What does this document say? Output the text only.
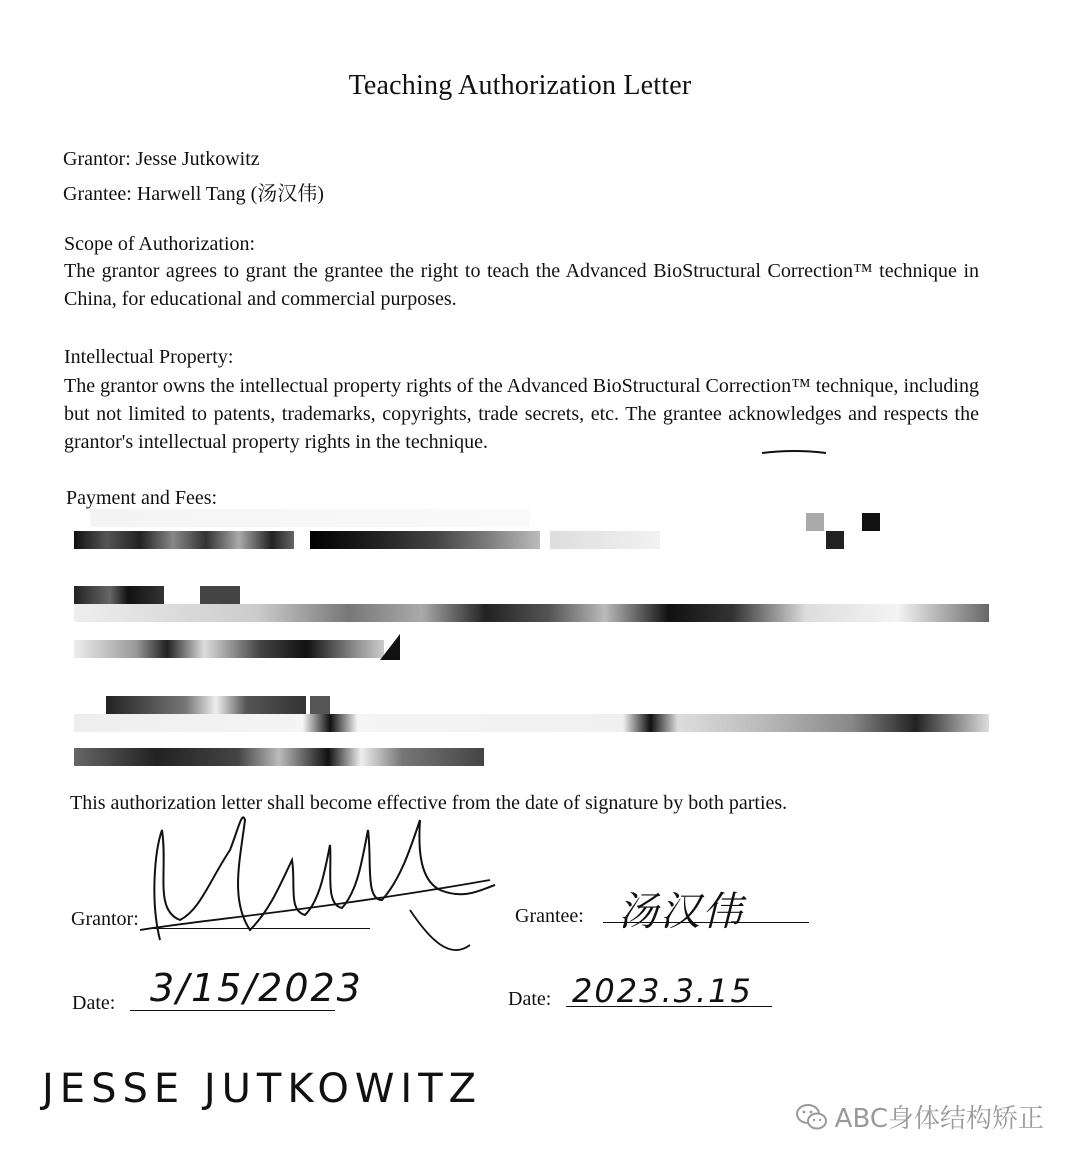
Teaching Authorization Letter
Grantor: Jesse Jutkowitz
Grantee: Harwell Tang (汤汉伟)
Scope of Authorization:
The grantor agrees to grant the grantee the right to teach the Advanced BioStructural Correction™ technique in China, for educational and commercial purposes.
Intellectual Property:
The grantor owns the intellectual property rights of the Advanced BioStructural Correction™ technique, including but not limited to patents, trademarks, copyrights, trade secrets, etc. The grantee acknowledges and respects the grantor's intellectual property rights in the technique.
Payment and Fees:
This authorization letter shall become effective from the date of signature by both parties.
Grantor:	Grantee: 汤汉伟
Date: 3/15/2023	Date: 2023.3.15
JESSE JUTKOWITZ
ABC身体结构矫正
